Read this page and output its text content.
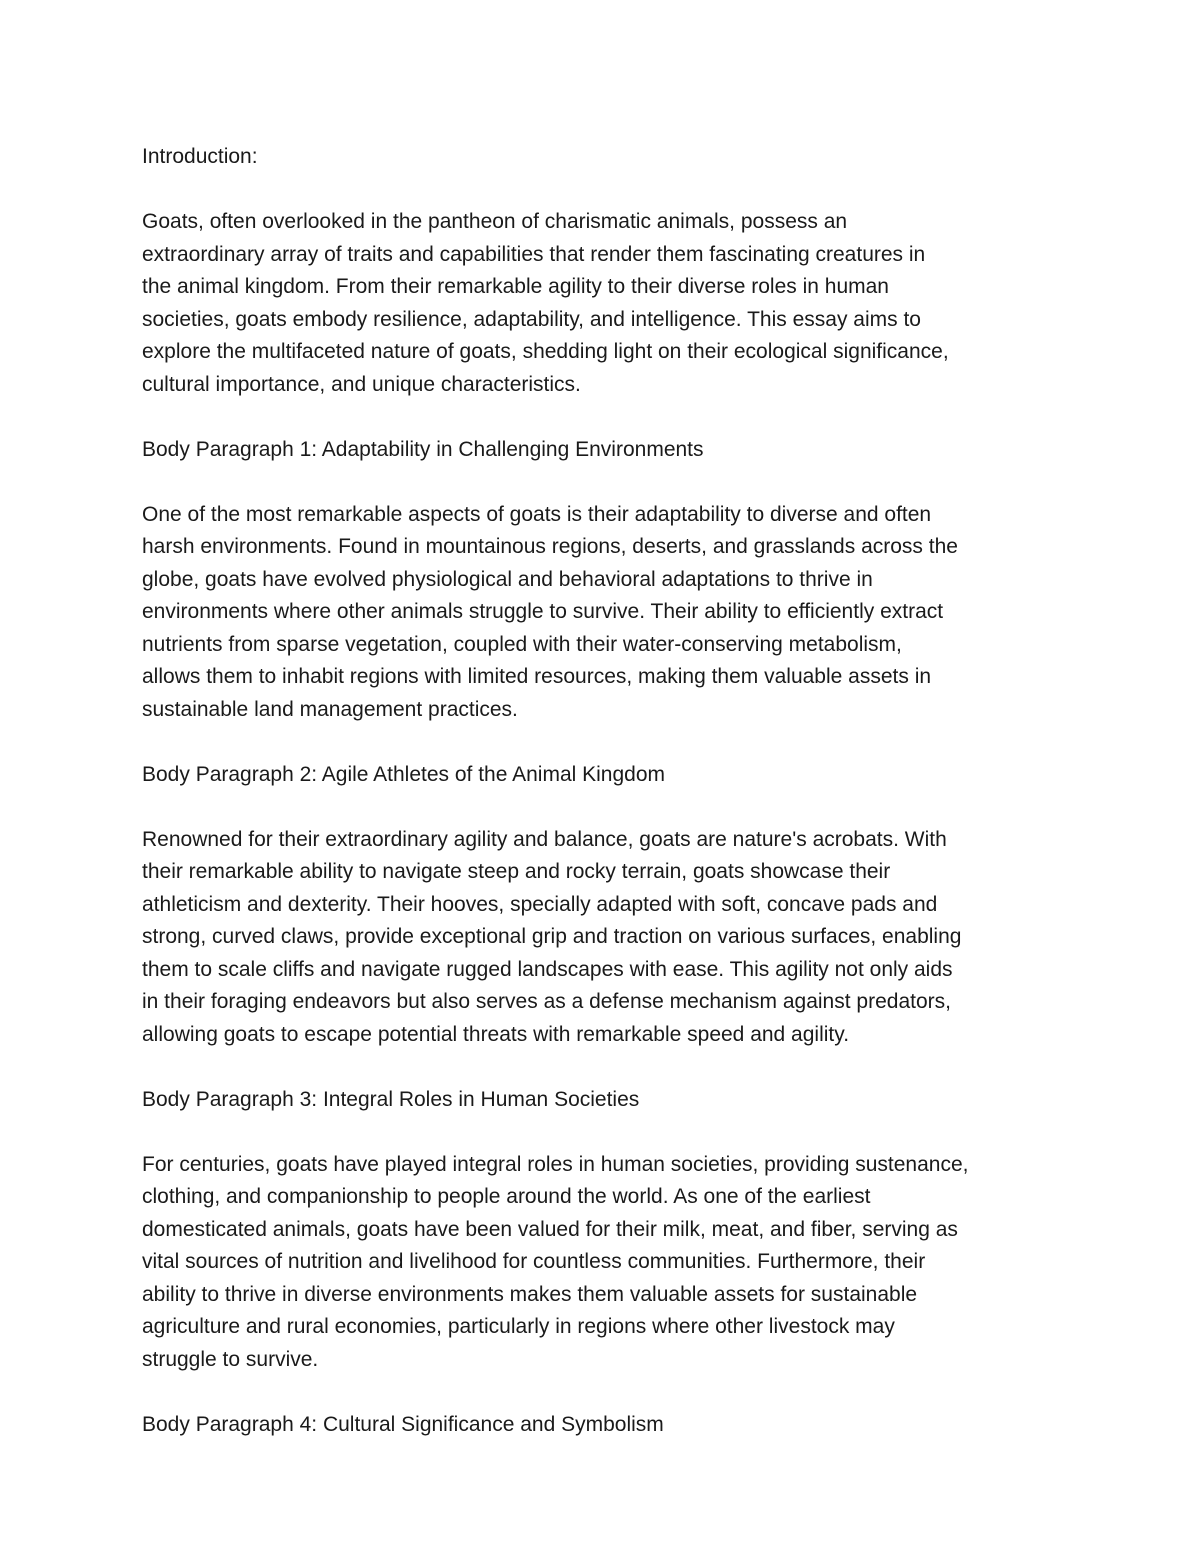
Introduction:
Goats, often overlooked in the pantheon of charismatic animals, possess an
extraordinary array of traits and capabilities that render them fascinating creatures in
the animal kingdom. From their remarkable agility to their diverse roles in human
societies, goats embody resilience, adaptability, and intelligence. This essay aims to
explore the multifaceted nature of goats, shedding light on their ecological significance,
cultural importance, and unique characteristics.
Body Paragraph 1: Adaptability in Challenging Environments
One of the most remarkable aspects of goats is their adaptability to diverse and often
harsh environments. Found in mountainous regions, deserts, and grasslands across the
globe, goats have evolved physiological and behavioral adaptations to thrive in
environments where other animals struggle to survive. Their ability to efficiently extract
nutrients from sparse vegetation, coupled with their water-conserving metabolism,
allows them to inhabit regions with limited resources, making them valuable assets in
sustainable land management practices.
Body Paragraph 2: Agile Athletes of the Animal Kingdom
Renowned for their extraordinary agility and balance, goats are nature's acrobats. With
their remarkable ability to navigate steep and rocky terrain, goats showcase their
athleticism and dexterity. Their hooves, specially adapted with soft, concave pads and
strong, curved claws, provide exceptional grip and traction on various surfaces, enabling
them to scale cliffs and navigate rugged landscapes with ease. This agility not only aids
in their foraging endeavors but also serves as a defense mechanism against predators,
allowing goats to escape potential threats with remarkable speed and agility.
Body Paragraph 3: Integral Roles in Human Societies
For centuries, goats have played integral roles in human societies, providing sustenance,
clothing, and companionship to people around the world. As one of the earliest
domesticated animals, goats have been valued for their milk, meat, and fiber, serving as
vital sources of nutrition and livelihood for countless communities. Furthermore, their
ability to thrive in diverse environments makes them valuable assets for sustainable
agriculture and rural economies, particularly in regions where other livestock may
struggle to survive.
Body Paragraph 4: Cultural Significance and Symbolism
